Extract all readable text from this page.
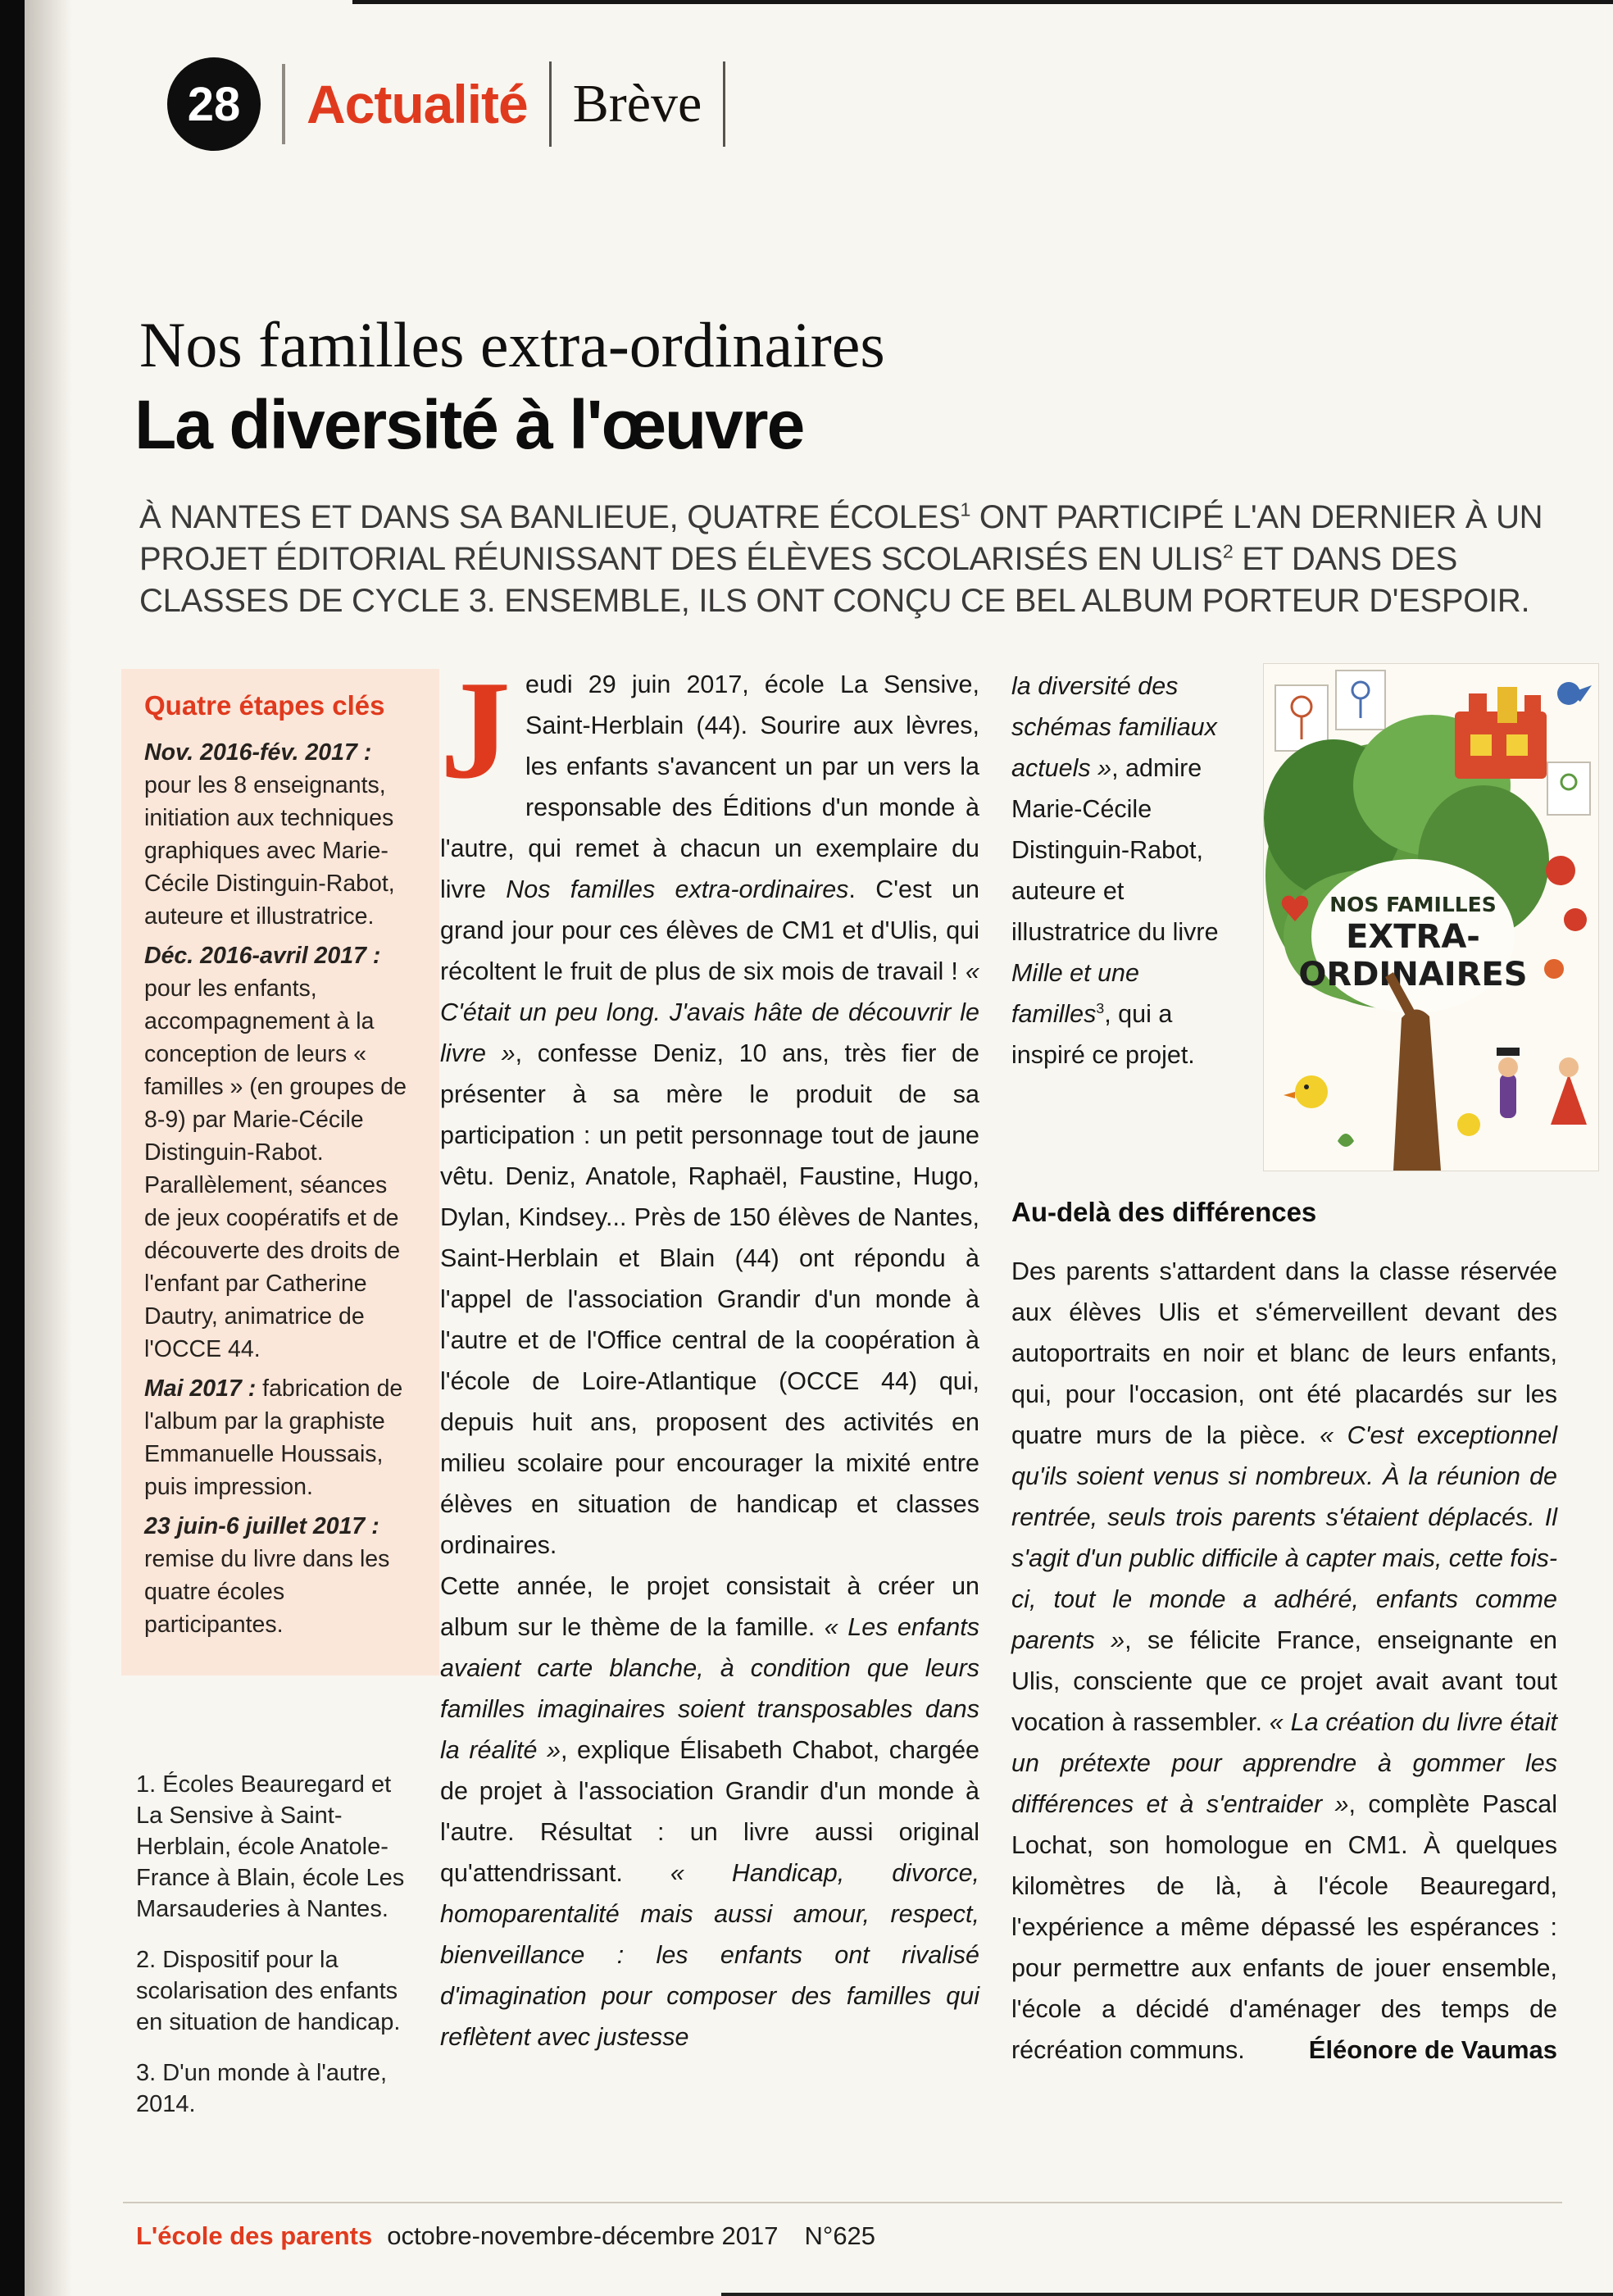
28	Actualité Brève
Nos familles extra-ordinaires
La diversité à l'œuvre
À NANTES ET DANS SA BANLIEUE, QUATRE ÉCOLES$^1$ ONT PARTICIPÉ L'AN DERNIER À UN PROJET ÉDITORIAL RÉUNISSANT DES ÉLÈVES SCOLARISÉS EN ULIS$^2$ ET DANS DES CLASSES DE CYCLE 3. ENSEMBLE, ILS ONT CONÇU CE BEL ALBUM PORTEUR D'ESPOIR.
Quatre étapes clés
Nov. 2016-fév. 2017 : pour les 8 enseignants, initiation aux techniques graphiques avec Marie-Cécile Distinguin-Rabot, auteure et illustratrice.
Déc. 2016-avril 2017 : pour les enfants, accompagnement à la conception de leurs « familles » (en groupes de 8-9) par Marie-Cécile Distinguin-Rabot. Parallèlement, séances de jeux coopératifs et de découverte des droits de l'enfant par Catherine Dautry, animatrice de l'OCCE 44.
Mai 2017 : fabrication de l'album par la graphiste Emmanuelle Houssais, puis impression.
23 juin-6 juillet 2017 : remise du livre dans les quatre écoles participantes.
1. Écoles Beauregard et La Sensive à Saint-Herblain, école Anatole-France à Blain, école Les Marsauderies à Nantes.
2. Dispositif pour la scolarisation des enfants en situation de handicap.
3. D'un monde à l'autre, 2014.

Jeudi 29 juin 2017, école La Sensive, Saint-Herblain (44). Sourire aux lèvres, les enfants s'avancent un par un vers la responsable des Éditions d'un monde à l'autre, qui remet à chacun un exemplaire du livre Nos familles extra-ordinaires. C'est un grand jour pour ces élèves de CM1 et d'Ulis, qui récoltent le fruit de plus de six mois de travail ! « C'était un peu long. J'avais hâte de découvrir le livre », confesse Deniz, 10 ans, très fier de présenter à sa mère le produit de sa participation : un petit personnage tout de jaune vêtu. Deniz, Anatole, Raphaël, Faustine, Hugo, Dylan, Kindsey... Près de 150 élèves de Nantes, Saint-Herblain et Blain (44) ont répondu à l'appel de l'association Grandir d'un monde à l'autre et de l'Office central de la coopération à l'école de Loire-Atlantique (OCCE 44) qui, depuis huit ans, proposent des activités en milieu scolaire pour encourager la mixité entre élèves en situation de handicap et classes ordinaires.

Cette année, le projet consistait à créer un album sur le thème de la famille. « Les enfants avaient carte blanche, à condition que leurs familles imaginaires soient transposables dans la réalité », explique Élisabeth Chabot, chargée de projet à l'association Grandir d'un monde à l'autre. Résultat : un livre aussi original qu'attendrissant. « Handicap, divorce, homoparentalité mais aussi amour, respect, bienveillance : les enfants ont rivalisé d'imagination pour composer des familles qui reflètent avec justesse

la diversité des schémas familiaux actuels », admire Marie-Cécile Distinguin-Rabot, auteure et illustratrice du livre Mille et une familles$^3$, qui a inspiré ce projet.
NOS FAMILLES
EXTRA-
ORDINAIRES
Au-delà des différences

Des parents s'attardent dans la classe réservée aux élèves Ulis et s'émerveillent devant des autoportraits en noir et blanc de leurs enfants, qui, pour l'occasion, ont été placardés sur les quatre murs de la pièce. « C'est exceptionnel qu'ils soient venus si nombreux. À la réunion de rentrée, seuls trois parents s'étaient déplacés. Il s'agit d'un public difficile à capter mais, cette fois-ci, tout le monde a adhéré, enfants comme parents », se félicite France, enseignante en Ulis, consciente que ce projet avait avant tout vocation à rassembler. « La création du livre était un prétexte pour apprendre à gommer les différences et à s'entraider », complète Pascal Lochat, son homologue en CM1. À quelques kilomètres de là, à l'école Beauregard, l'expérience a même dépassé les espérances : pour permettre aux enfants de jouer ensemble, l'école a décidé d'aménager des temps de récréation communs.	Éléonore de Vaumas
L'école des parents octobre-novembre-décembre 2017 N°625
